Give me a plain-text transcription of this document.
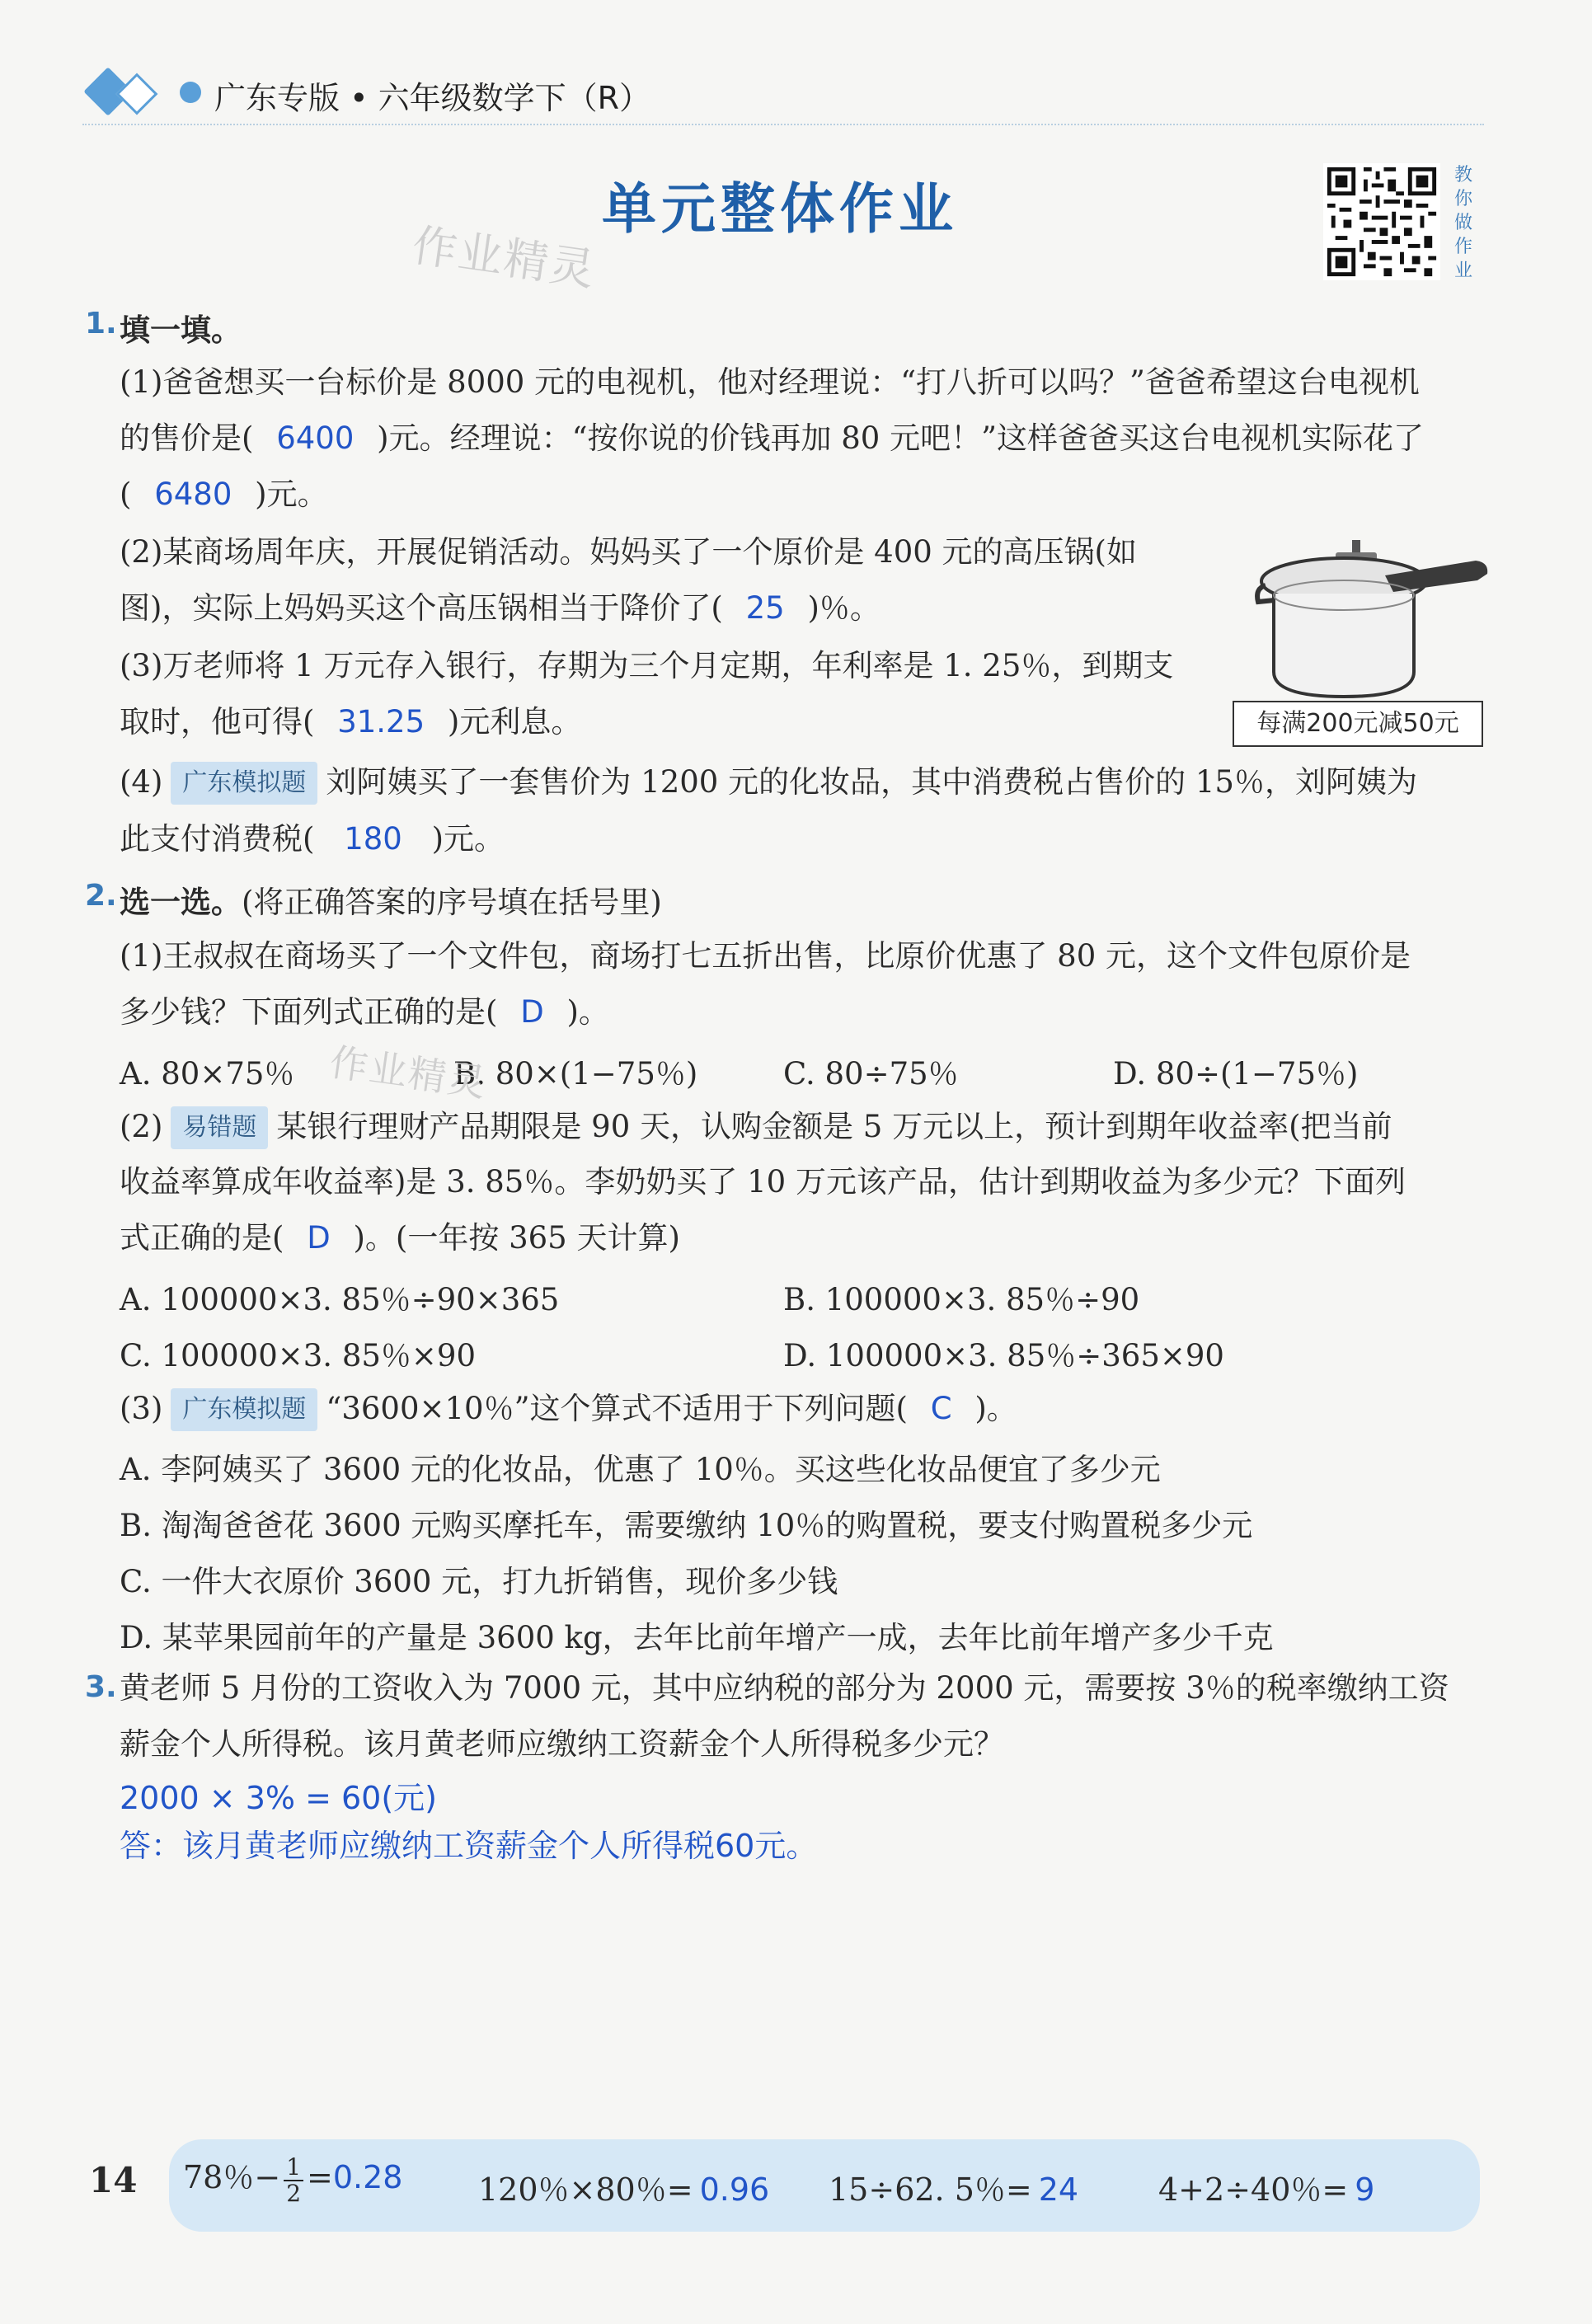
广东专版 • 六年级数学下（R）
单元整体作业
作业精灵
教
你
做
作
业
1. 填一填。
(1)爸爸想买一台标价是 8000 元的电视机，他对经理说：“打八折可以吗？”爸爸希望这台电视机
的售价是( 6400 )元。经理说：“按你说的价钱再加 80 元吧！”这样爸爸买这台电视机实际花了
( 6480 )元。
(2)某商场周年庆，开展促销活动。妈妈买了一个原价是 400 元的高压锅(如
图)，实际上妈妈买这个高压锅相当于降价了( 25 )％。
(3)万老师将 1 万元存入银行，存期为三个月定期，年利率是 1. 25％，到期支
取时，他可得( 31.25 )元利息。	每满200元减50元
(4) 广东模拟题 刘阿姨买了一套售价为 1200 元的化妆品，其中消费税占售价的 15％，刘阿姨为
此支付消费税( 180 )元。
2. 选一选。(将正确答案的序号填在括号里)
(1)王叔叔在商场买了一个文件包，商场打七五折出售，比原价优惠了 80 元，这个文件包原价是
多少钱？下面列式正确的是( D )。
A. 80×75％	B. 80×(1−75％)	C. 80÷75％	D. 80÷(1−75％)
作业精灵
(2) 易错题 某银行理财产品期限是 90 天，认购金额是 5 万元以上，预计到期年收益率(把当前
收益率算成年收益率)是 3. 85％。李奶奶买了 10 万元该产品，估计到期收益为多少元？下面列
式正确的是( D )。(一年按 365 天计算)
A. 100000×3. 85％÷90×365	B. 100000×3. 85％÷90
C. 100000×3. 85％×90	D. 100000×3. 85％÷365×90
(3) 广东模拟题 “3600×10％”这个算式不适用于下列问题( C )。
A. 李阿姨买了 3600 元的化妆品，优惠了 10％。买这些化妆品便宜了多少元
B. 淘淘爸爸花 3600 元购买摩托车，需要缴纳 10％的购置税，要支付购置税多少元
C. 一件大衣原价 3600 元，打九折销售，现价多少钱
D. 某苹果园前年的产量是 3600 kg，去年比前年增产一成，去年比前年增产多少千克
3. 黄老师 5 月份的工资收入为 7000 元，其中应纳税的部分为 2000 元，需要按 3％的税率缴纳工资
薪金个人所得税。该月黄老师应缴纳工资薪金个人所得税多少元？
2000 × 3% = 60(元)
答：该月黄老师应缴纳工资薪金个人所得税60元。
14 78％− $\frac{1}{2} =0.28$ 120％×80％= 0.96 15÷62. 5％= 24	4+2÷40％= 9
